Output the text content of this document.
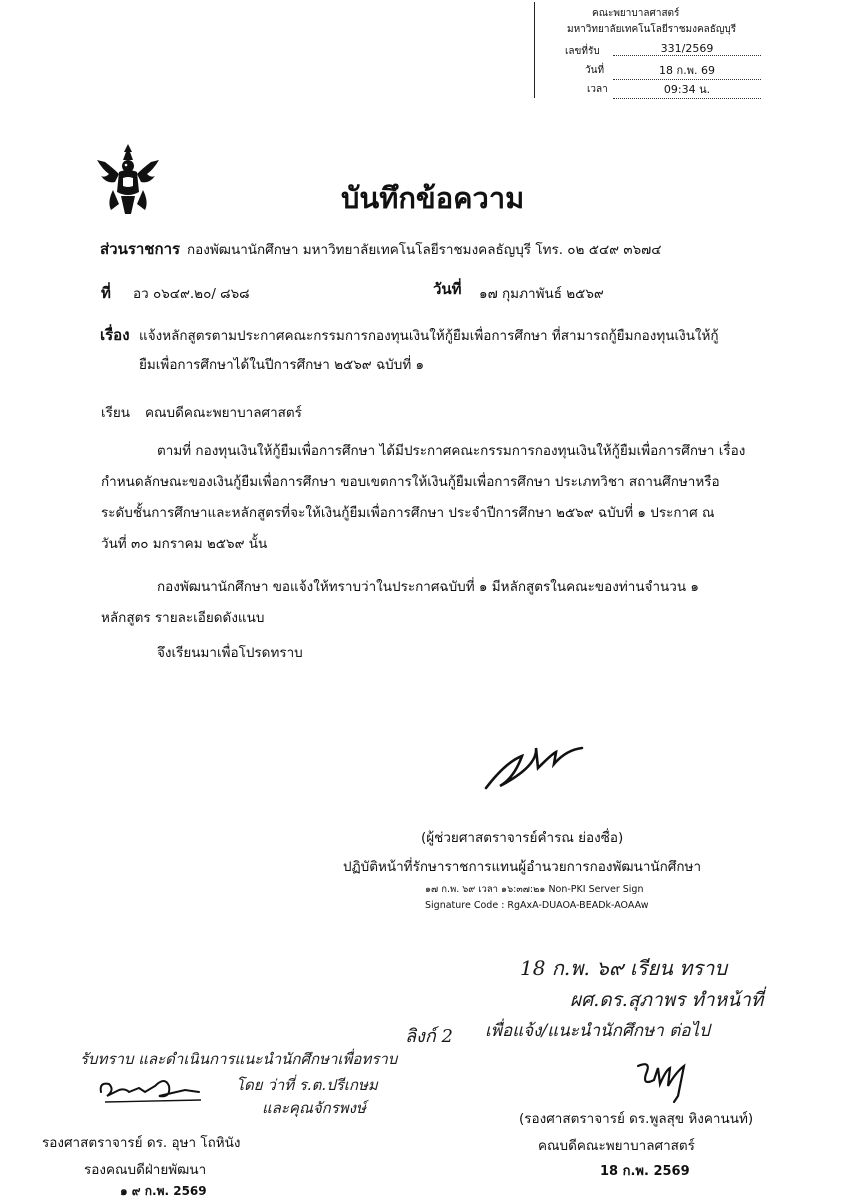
คณะพยาบาลศาสตร์
มหาวิทยาลัยเทคโนโลยีราชมงคลธัญบุรี
เลขที่รับ	331/2569
วันที่	18 ก.พ. 69
เวลา	09:34 น.
บันทึกข้อความ
ส่วนราชการ กองพัฒนานักศึกษา มหาวิทยาลัยเทคโนโลยีราชมงคลธัญบุรี โทร. ๐๒ ๕๔๙ ๓๖๗๔
ที่ อว ๐๖๔๙.๒๐/ ๘๖๘	วันที่ ๑๗ กุมภาพันธ์ ๒๕๖๙
เรื่อง แจ้งหลักสูตรตามประกาศคณะกรรมการกองทุนเงินให้กู้ยืมเพื่อการศึกษา ที่สามารถกู้ยืมกองทุนเงินให้กู้
ยืมเพื่อการศึกษาได้ในปีการศึกษา ๒๕๖๙ ฉบับที่ ๑
เรียน คณบดีคณะพยาบาลศาสตร์
ตามที่ กองทุนเงินให้กู้ยืมเพื่อการศึกษา ได้มีประกาศคณะกรรมการกองทุนเงินให้กู้ยืมเพื่อการศึกษา เรื่อง
กำหนดลักษณะของเงินกู้ยืมเพื่อการศึกษา ขอบเขตการให้เงินกู้ยืมเพื่อการศึกษา ประเภทวิชา สถานศึกษาหรือ
ระดับชั้นการศึกษาและหลักสูตรที่จะให้เงินกู้ยืมเพื่อการศึกษา ประจำปีการศึกษา ๒๕๖๙ ฉบับที่ ๑ ประกาศ ณ
วันที่ ๓๐ มกราคม ๒๕๖๙ นั้น
กองพัฒนานักศึกษา ขอแจ้งให้ทราบว่าในประกาศฉบับที่ ๑ มีหลักสูตรในคณะของท่านจำนวน ๑
หลักสูตร รายละเอียดดังแนบ
จึงเรียนมาเพื่อโปรดทราบ
(ผู้ช่วยศาสตราจารย์คำรณ ย่องซื่อ)
ปฏิบัติหน้าที่รักษาราชการแทนผู้อำนวยการกองพัฒนานักศึกษา
๑๗ ก.พ. ๖๙ เวลา ๑๖:๓๗:๒๑ Non-PKI Server Sign
Signature Code : RgAxA-DUAOA-BEADk-AOAAw
18 ก.พ. ๖๙ เรียน ทราบ
ผศ.ดร.สุภาพร ทำหน้าที่
ลิงก์ 2 เพื่อแจ้ง/แนะนำนักศึกษา ต่อไป
รับทราบ และดำเนินการแนะนำนักศึกษาเพื่อทราบ
โดย ว่าที่ ร.ต.ปรีเกษม
และคุณจักรพงษ์
รองศาสตราจารย์ ดร. อุษา โถหินัง
รองคณบดีฝ่ายพัฒนา
๑ ๙ ก.พ. 2569
(รองศาสตราจารย์ ดร.พูลสุข หิงคานนท์)
คณบดีคณะพยาบาลศาสตร์
18 ก.พ. 2569
